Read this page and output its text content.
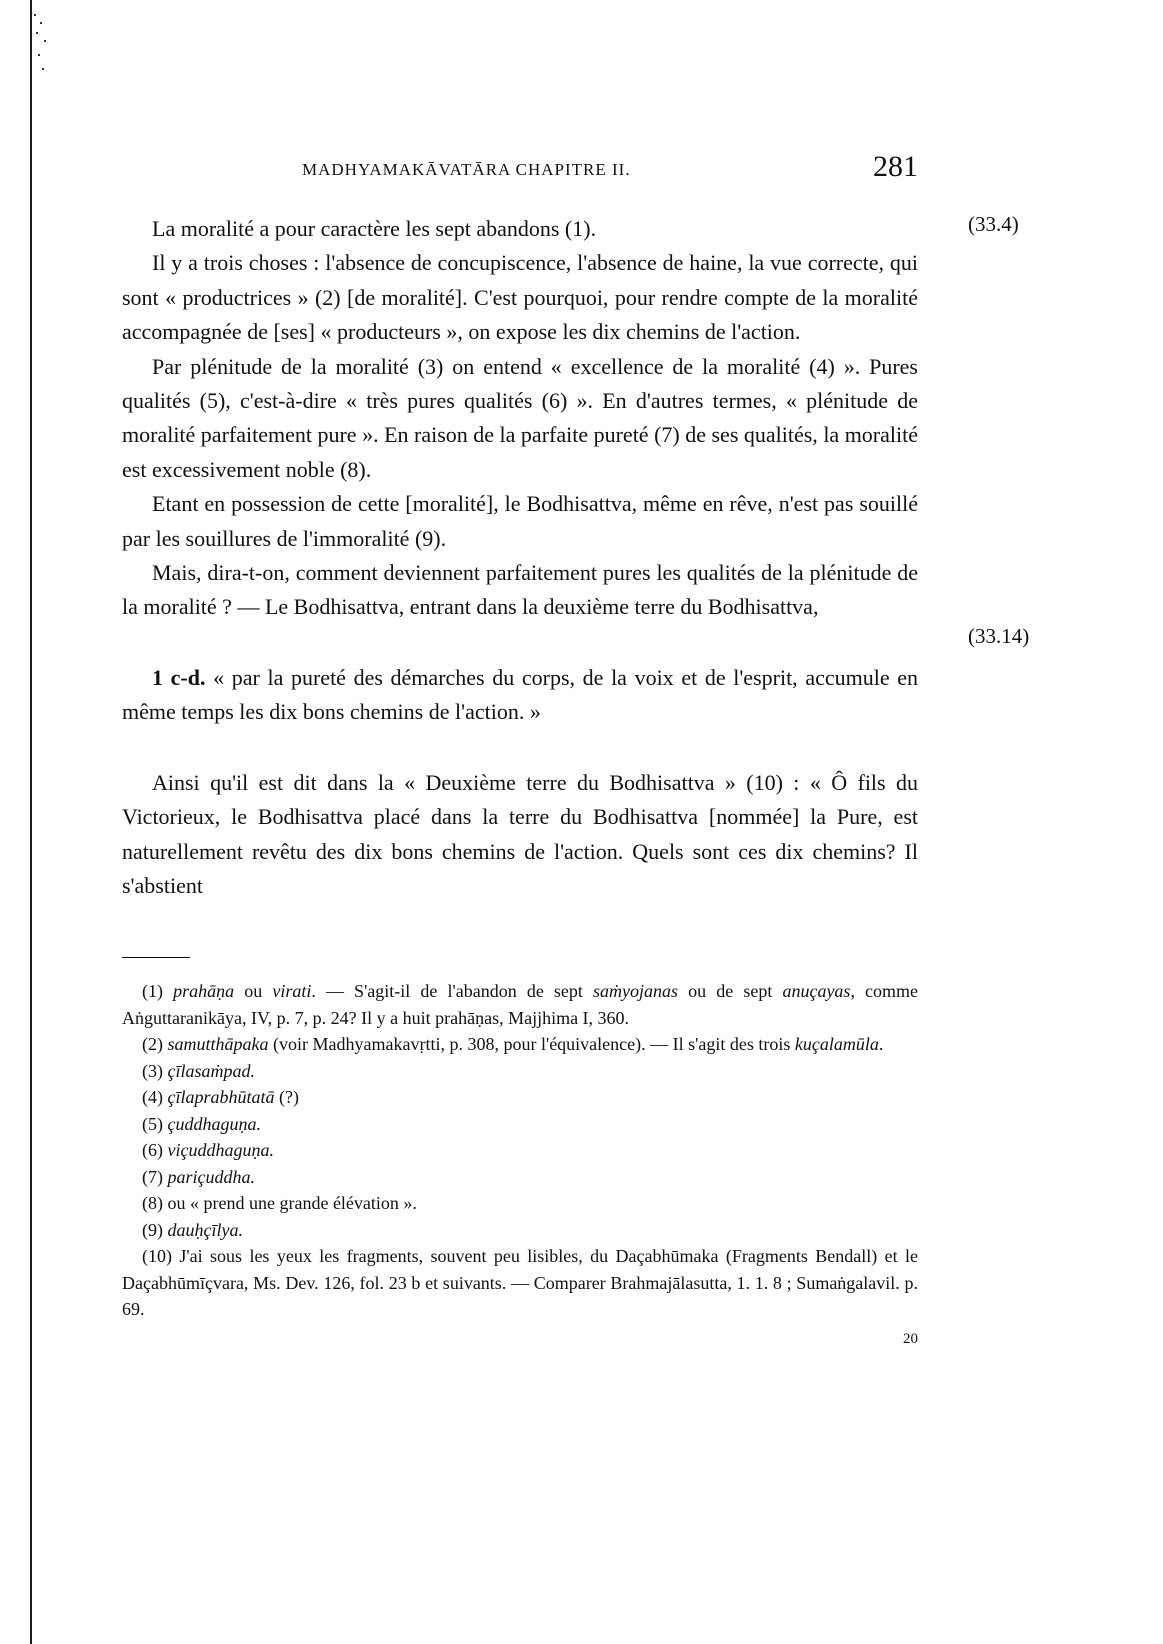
(33.4)
(33.14)
MADHYAMAKĀVATĀRA CHAPITRE II.	281

La moralité a pour caractère les sept abandons (1).

Il y a trois choses : l'absence de concupiscence, l'absence de haine, la vue correcte, qui sont « productrices » (2) [de moralité]. C'est pourquoi, pour rendre compte de la moralité accompagnée de [ses] « producteurs », on expose les dix chemins de l'action.

Par plénitude de la moralité (3) on entend « excellence de la moralité (4) ». Pures qualités (5), c'est-à-dire « très pures qualités (6) ». En d'autres termes, « plénitude de moralité parfaitement pure ». En raison de la parfaite pureté (7) de ses qualités, la moralité est excessivement noble (8).

Etant en possession de cette [moralité], le Bodhisattva, même en rêve, n'est pas souillé par les souillures de l'immoralité (9).

Mais, dira-t-on, comment deviennent parfaitement pures les qualités de la plénitude de la moralité ? — Le Bodhisattva, entrant dans la deuxième terre du Bodhisattva,

1 c-d. « par la pureté des démarches du corps, de la voix et de l'esprit, accumule en même temps les dix bons chemins de l'action. »

Ainsi qu'il est dit dans la « Deuxième terre du Bodhisattva » (10) : « Ô fils du Victorieux, le Bodhisattva placé dans la terre du Bodhisattva [nommée] la Pure, est naturellement revêtu des dix bons chemins de l'action. Quels sont ces dix chemins? Il s'abstient

(1) prahāṇa ou virati. — S'agit-il de l'abandon de sept saṁyojanas ou de sept anuçayas, comme Aṅguttaranikāya, IV, p. 7, p. 24? Il y a huit prahāṇas, Majjhima I, 360.

(2) samutthāpaka (voir Madhyamakavṛtti, p. 308, pour l'équivalence). — Il s'agit des trois kuçalamūla.

(3) çīlasaṁpad.

(4) çīlaprabhūtatā (?)

(5) çuddhaguṇa.

(6) viçuddhaguṇa.

(7) pariçuddha.

(8) ou « prend une grande élévation ».

(9) dauḥçīlya.

(10) J'ai sous les yeux les fragments, souvent peu lisibles, du Daçabhūmaka (Fragments Bendall) et le Daçabhūmīçvara, Ms. Dev. 126, fol. 23 b et suivants. — Comparer Brahmajālasutta, 1. 1. 8 ; Sumaṅgalavil. p. 69.

20
